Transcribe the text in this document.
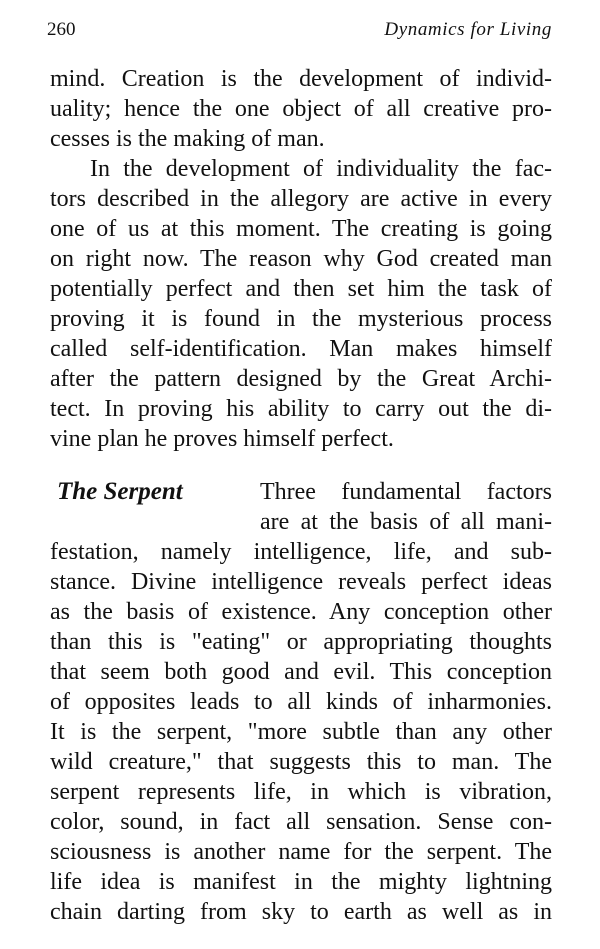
260	Dynamics for Living
mind. Creation is the development of individ-
uality; hence the one object of all creative pro-
cesses is the making of man.
In the development of individuality the fac-
tors described in the allegory are active in every
one of us at this moment. The creating is going
on right now. The reason why God created man
potentially perfect and then set him the task of
proving it is found in the mysterious process
called self-identification. Man makes himself
after the pattern designed by the Great Archi-
tect. In proving his ability to carry out the di-
vine plan he proves himself perfect.
The Serpent	Three fundamental factors
are at the basis of all mani-
festation, namely intelligence, life, and sub-
stance. Divine intelligence reveals perfect ideas
as the basis of existence. Any conception other
than this is "eating" or appropriating thoughts
that seem both good and evil. This conception
of opposites leads to all kinds of inharmonies.
It is the serpent, "more subtle than any other
wild creature," that suggests this to man. The
serpent represents life, in which is vibration,
color, sound, in fact all sensation. Sense con-
sciousness is another name for the serpent. The
life idea is manifest in the mighty lightning
chain darting from sky to earth as well as in
